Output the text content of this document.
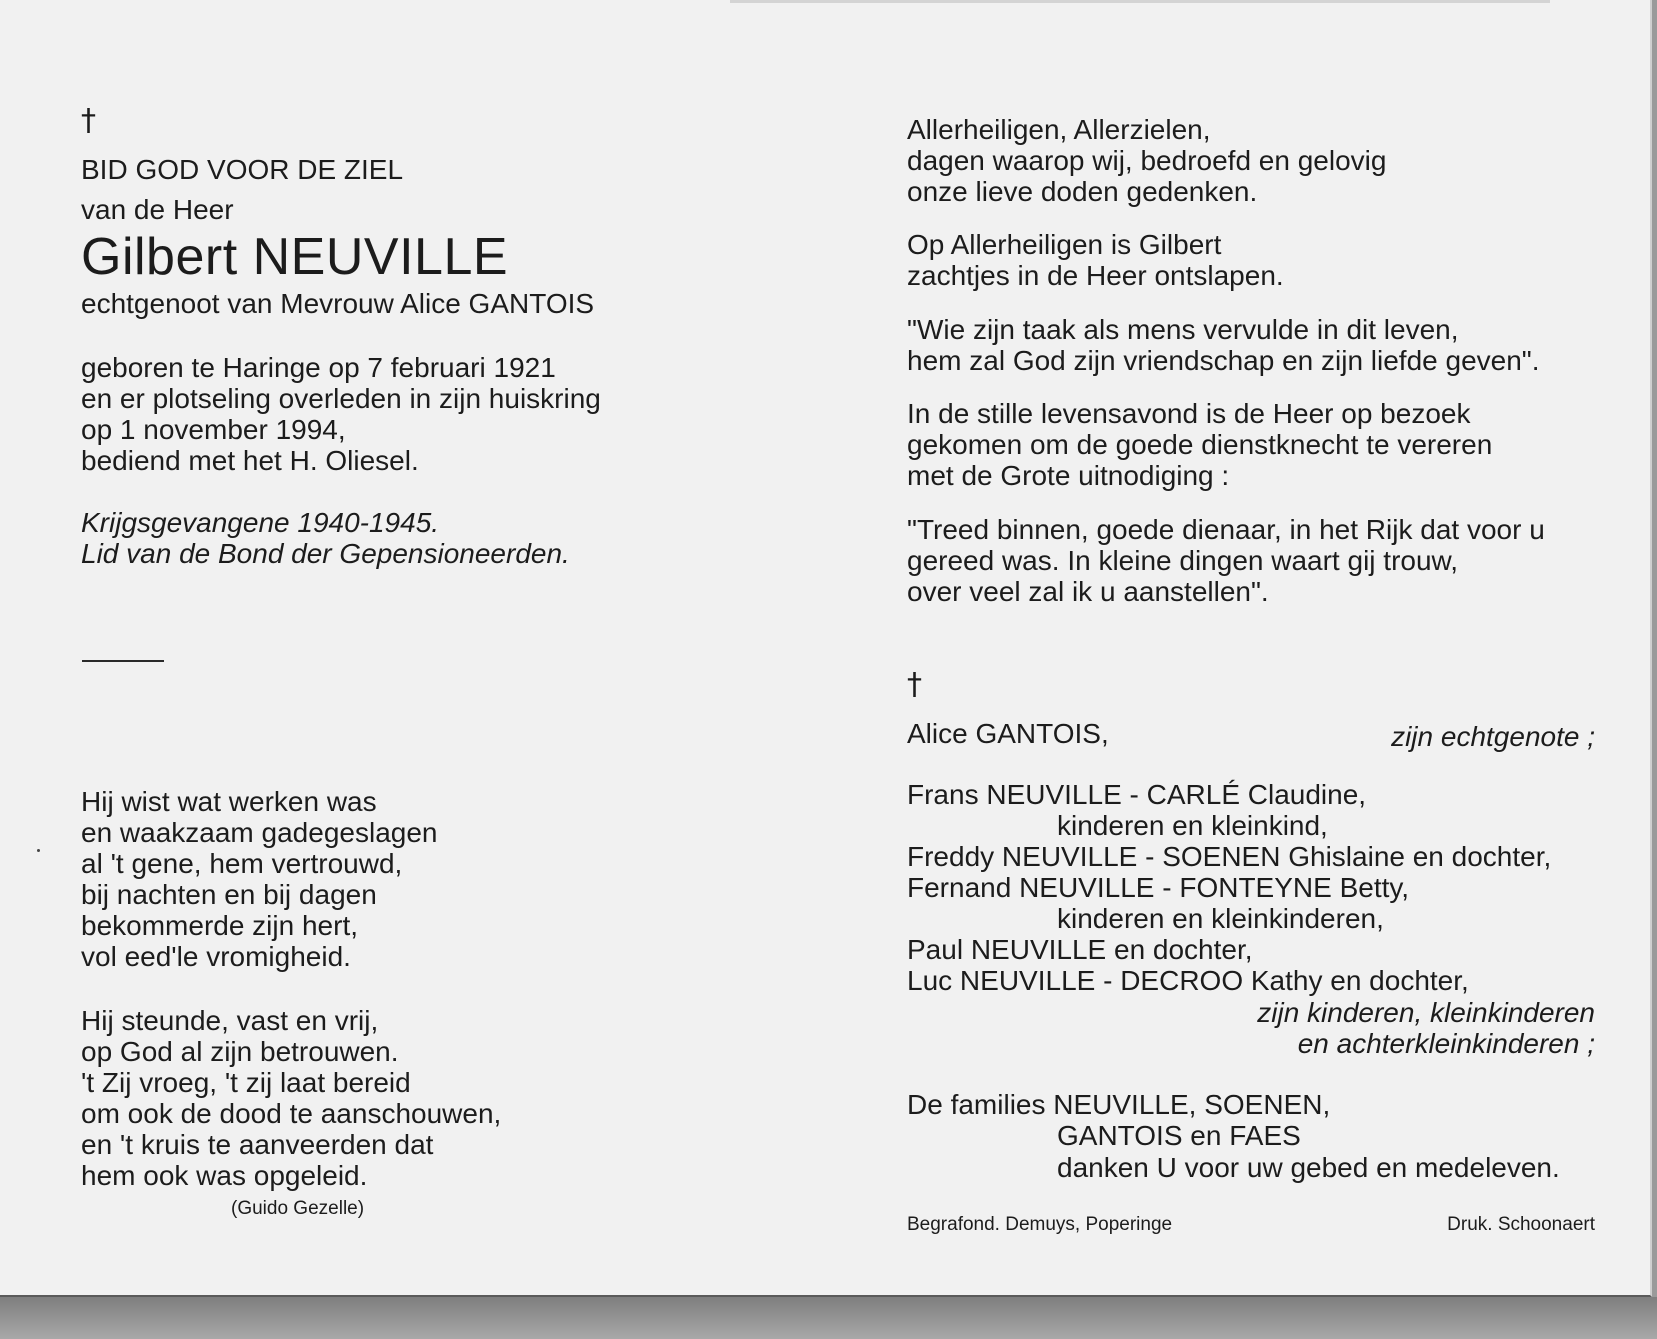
†
BID GOD VOOR DE ZIEL
van de Heer
Gilbert NEUVILLE
echtgenoot van Mevrouw Alice GANTOIS
geboren te Haringe op 7 februari 1921
en er plotseling overleden in zijn huiskring
op 1 november 1994,
bediend met het H. Oliesel.
Krijgsgevangene 1940-1945.
Lid van de Bond der Gepensioneerden.
Hij wist wat werken was
en waakzaam gadegeslagen
al 't gene, hem vertrouwd,
bij nachten en bij dagen
bekommerde zijn hert,
vol eed'le vromigheid.
Hij steunde, vast en vrij,
op God al zijn betrouwen.
't Zij vroeg, 't zij laat bereid
om ook de dood te aanschouwen,
en 't kruis te aanveerden dat
hem ook was opgeleid.
(Guido Gezelle)
Allerheiligen, Allerzielen,
dagen waarop wij, bedroefd en gelovig
onze lieve doden gedenken.
Op Allerheiligen is Gilbert
zachtjes in de Heer ontslapen.
"Wie zijn taak als mens vervulde in dit leven,
hem zal God zijn vriendschap en zijn liefde geven".
In de stille levensavond is de Heer op bezoek
gekomen om de goede dienstknecht te vereren
met de Grote uitnodiging :
"Treed binnen, goede dienaar, in het Rijk dat voor u
gereed was. In kleine dingen waart gij trouw,
over veel zal ik u aanstellen".
†
Alice GANTOIS,	zijn echtgenote ;
Frans NEUVILLE - CARLÉ Claudine,
kinderen en kleinkind,
Freddy NEUVILLE - SOENEN Ghislaine en dochter,
Fernand NEUVILLE - FONTEYNE Betty,
kinderen en kleinkinderen,
Paul NEUVILLE en dochter,
Luc NEUVILLE - DECROO Kathy en dochter,
zijn kinderen, kleinkinderen
en achterkleinkinderen ;
De families NEUVILLE, SOENEN,
GANTOIS en FAES
danken U voor uw gebed en medeleven.
Begrafond. Demuys, Poperinge	Druk. Schoonaert
